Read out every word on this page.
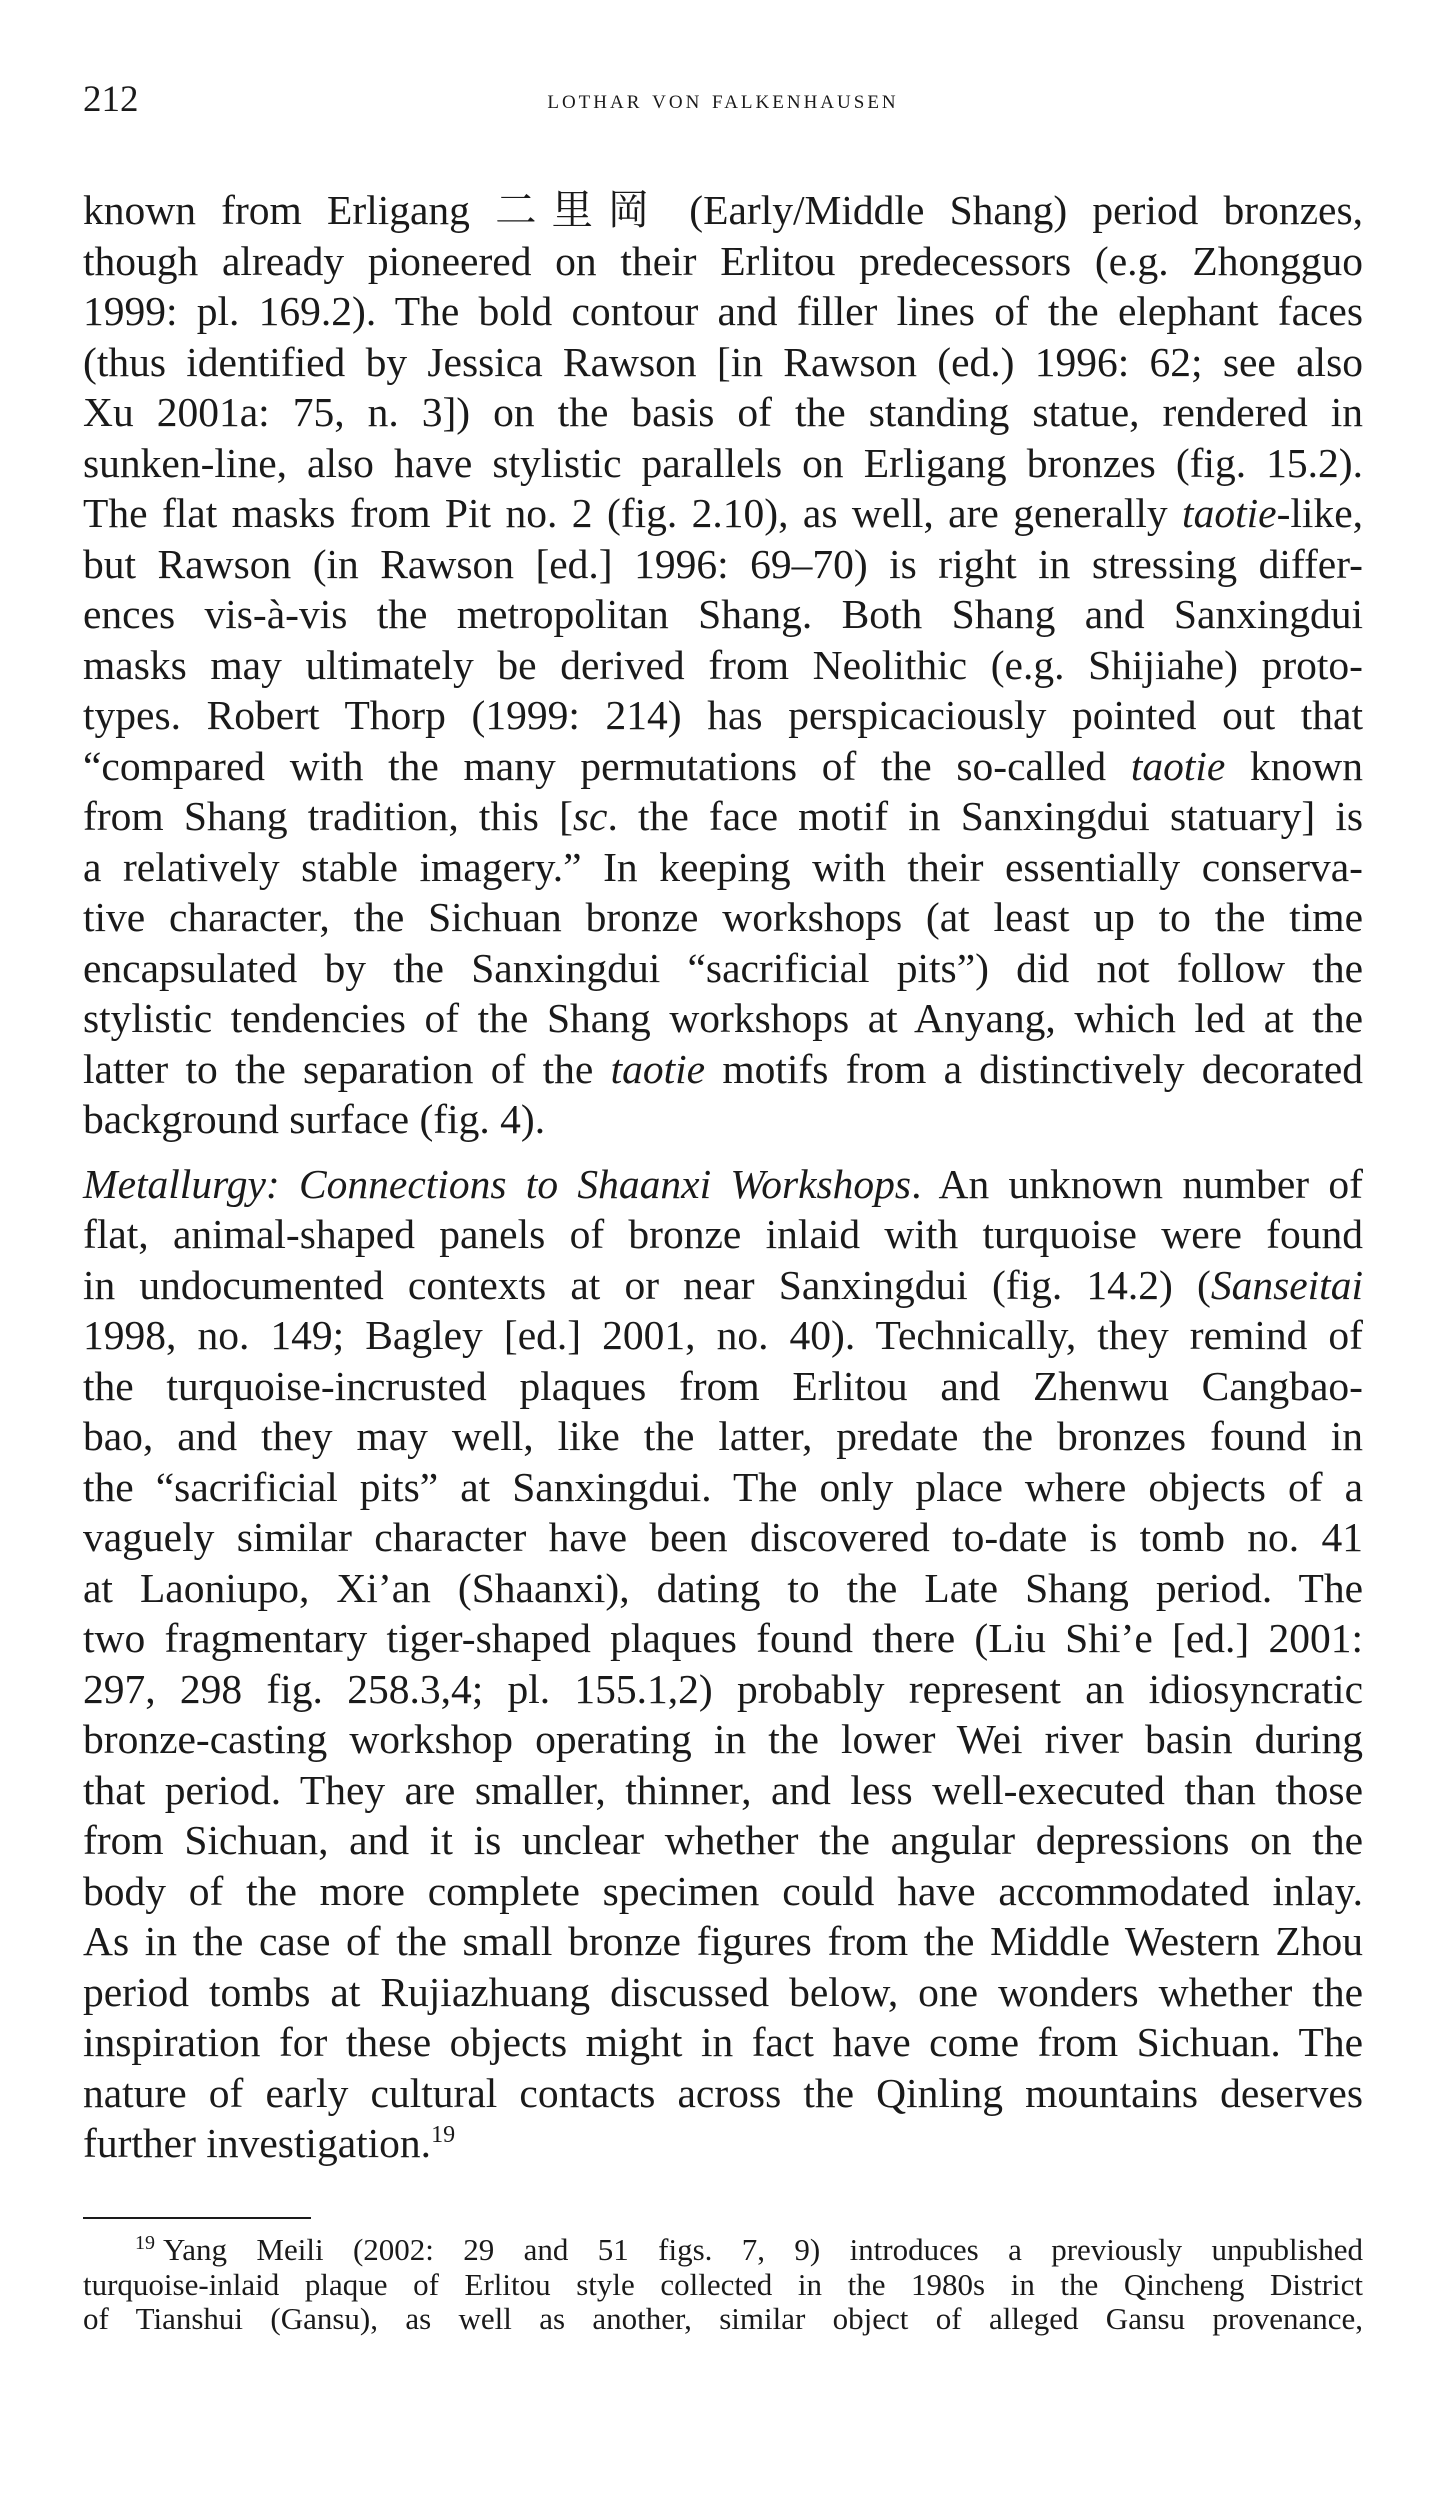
212	lothar von falkenhausen

known from Erligang 二里岡 (Early/Middle Shang) period bronzes,
though already pioneered on their Erlitou predecessors (e.g. Zhongguo
1999: pl. 169.2). The bold contour and filler lines of the elephant faces
(thus identified by Jessica Rawson [in Rawson (ed.) 1996: 62; see also
Xu 2001a: 75, n. 3]) on the basis of the standing statue, rendered in
sunken-line, also have stylistic parallels on Erligang bronzes (fig. 15.2).
The flat masks from Pit no. 2 (fig. 2.10), as well, are generally taotie-like,
but Rawson (in Rawson [ed.] 1996: 69–70) is right in stressing differ-
ences vis-à-vis the metropolitan Shang. Both Shang and Sanxingdui
masks may ultimately be derived from Neolithic (e.g. Shijiahe) proto-
types. Robert Thorp (1999: 214) has perspicaciously pointed out that
“compared with the many permutations of the so-called taotie known
from Shang tradition, this [sc. the face motif in Sanxingdui statuary] is
a relatively stable imagery.” In keeping with their essentially conserva-
tive character, the Sichuan bronze workshops (at least up to the time
encapsulated by the Sanxingdui “sacrificial pits”) did not follow the
stylistic tendencies of the Shang workshops at Anyang, which led at the
latter to the separation of the taotie motifs from a distinctively decorated
background surface (fig. 4).

Metallurgy: Connections to Shaanxi Workshops. An unknown number of
flat, animal-shaped panels of bronze inlaid with turquoise were found
in undocumented contexts at or near Sanxingdui (fig. 14.2) (Sanseitai
1998, no. 149; Bagley [ed.] 2001, no. 40). Technically, they remind of
the turquoise-incrusted plaques from Erlitou and Zhenwu Cangbao-
bao, and they may well, like the latter, predate the bronzes found in
the “sacrificial pits” at Sanxingdui. The only place where objects of a
vaguely similar character have been discovered to-date is tomb no. 41
at Laoniupo, Xi’an (Shaanxi), dating to the Late Shang period. The
two fragmentary tiger-shaped plaques found there (Liu Shi’e [ed.] 2001:
297, 298 fig. 258.3,4; pl. 155.1,2) probably represent an idiosyncratic
bronze-casting workshop operating in the lower Wei river basin during
that period. They are smaller, thinner, and less well-executed than those
from Sichuan, and it is unclear whether the angular depressions on the
body of the more complete specimen could have accommodated inlay.
As in the case of the small bronze figures from the Middle Western Zhou
period tombs at Rujiazhuang discussed below, one wonders whether the
inspiration for these objects might in fact have come from Sichuan. The
nature of early cultural contacts across the Qinling mountains deserves
further investigation.$^{19}$

$^{19}$ Yang Meili (2002: 29 and 51 figs. 7, 9) introduces a previously unpublished
turquoise-inlaid plaque of Erlitou style collected in the 1980s in the Qincheng District
of Tianshui (Gansu), as well as another, similar object of alleged Gansu provenance,
